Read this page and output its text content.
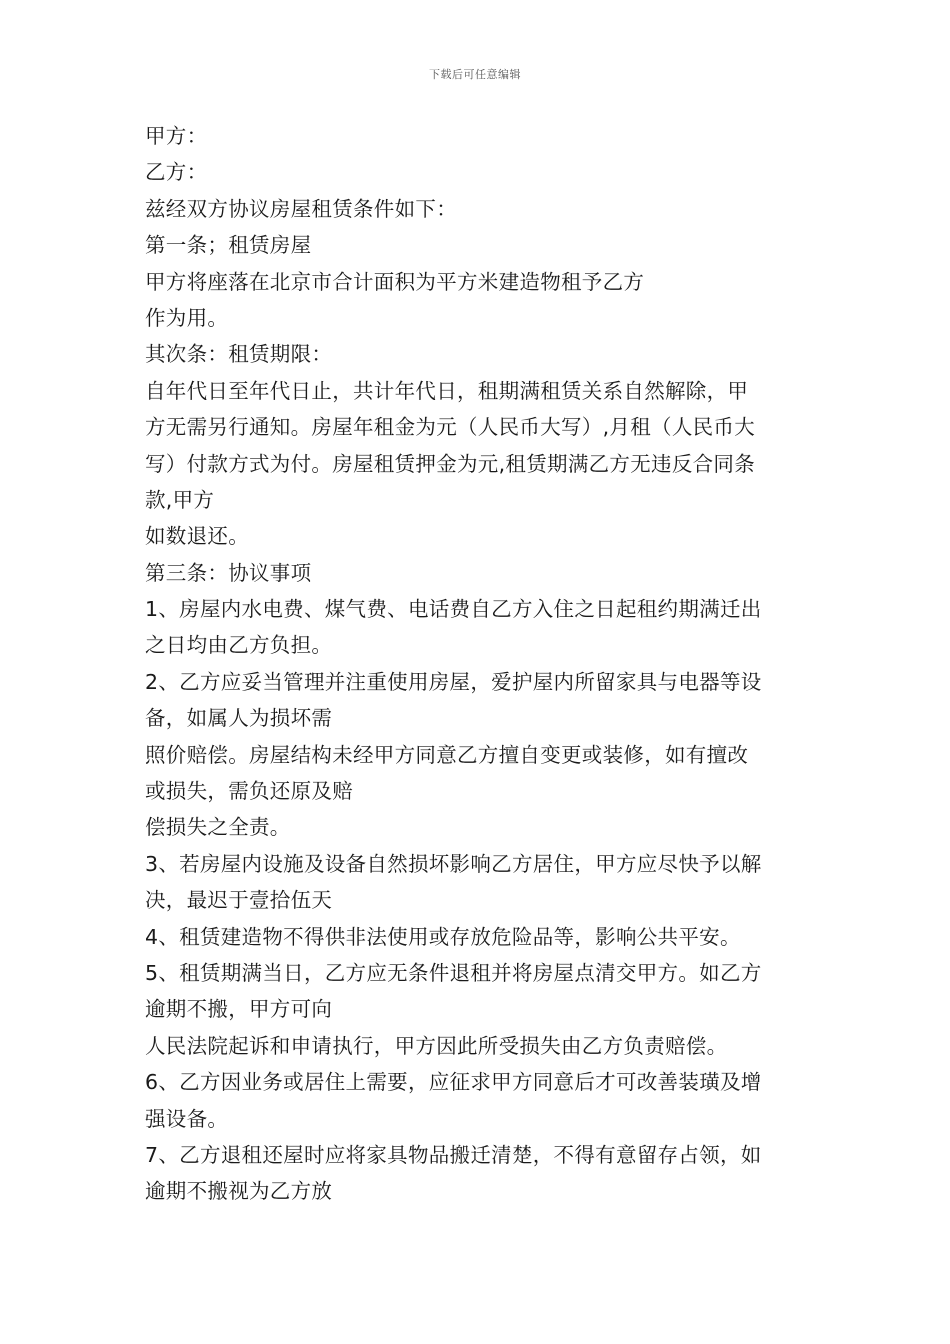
下载后可任意编辑
甲方：
乙方：
兹经双方协议房屋租赁条件如下：
第一条；租赁房屋
甲方将座落在北京市合计面积为平方米建造物租予乙方
作为用。
其次条：租赁期限：
自年代日至年代日止，共计年代日，租期满租赁关系自然解除，甲
方无需另行通知。房屋年租金为元（人民币大写）,月租（人民币大
写）付款方式为付。房屋租赁押金为元,租赁期满乙方无违反合同条
款,甲方
如数退还。
第三条：协议事项
1、房屋内水电费、煤气费、电话费自乙方入住之日起租约期满迁出
之日均由乙方负担。
2、乙方应妥当管理并注重使用房屋，爱护屋内所留家具与电器等设
备，如属人为损坏需
照价赔偿。房屋结构未经甲方同意乙方擅自变更或装修，如有擅改
或损失，需负还原及赔
偿损失之全责。
3、若房屋内设施及设备自然损坏影响乙方居住，甲方应尽快予以解
决，最迟于壹拾伍天
4、租赁建造物不得供非法使用或存放危险品等，影响公共平安。
5、租赁期满当日，乙方应无条件退租并将房屋点清交甲方。如乙方
逾期不搬，甲方可向
人民法院起诉和申请执行，甲方因此所受损失由乙方负责赔偿。
6、乙方因业务或居住上需要，应征求甲方同意后才可改善装璜及增
强设备。
7、乙方退租还屋时应将家具物品搬迁清楚，不得有意留存占领，如
逾期不搬视为乙方放
